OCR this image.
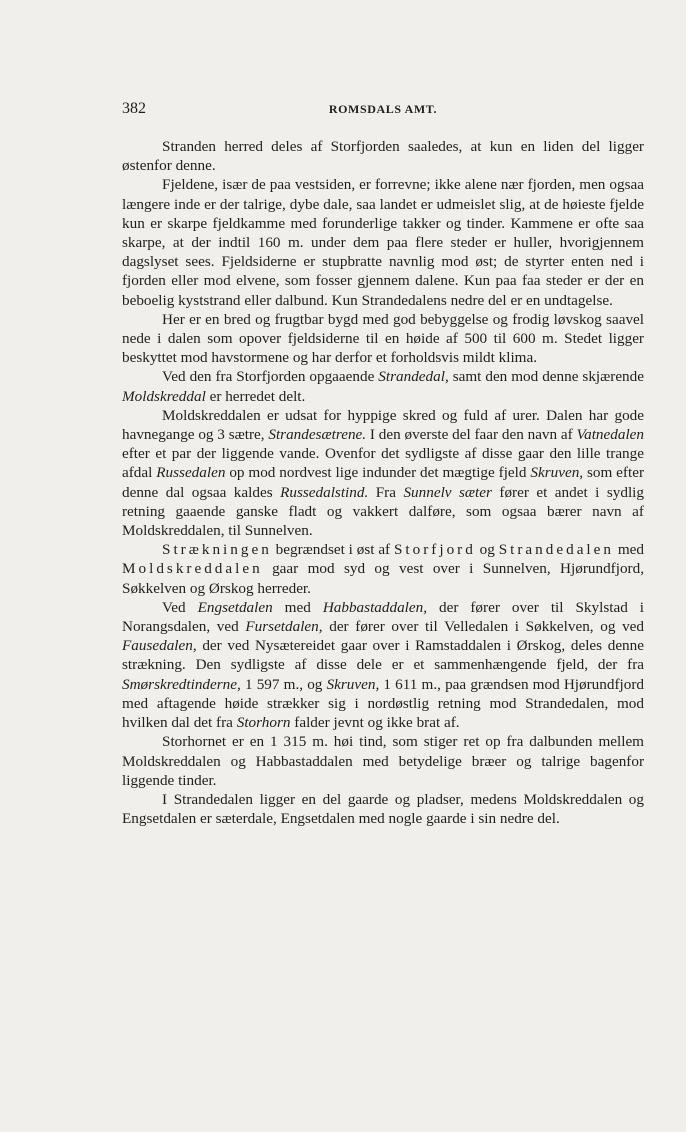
382	ROMSDALS AMT.

Stranden herred deles af Storfjorden saaledes, at kun en liden del ligger østenfor denne.

Fjeldene, især de paa vestsiden, er forrevne; ikke alene nær fjorden, men ogsaa længere inde er der talrige, dybe dale, saa landet er udmeislet slig, at de høieste fjelde kun er skarpe fjeldkamme med forunderlige takker og tinder. Kammene er ofte saa skarpe, at der indtil 160 m. under dem paa flere steder er huller, hvorigjennem dagslyset sees. Fjeldsiderne er stupbratte navnlig mod øst; de styrter enten ned i fjorden eller mod elvene, som fosser gjennem dalene. Kun paa faa steder er der en beboelig kyststrand eller dalbund. Kun Strandedalens nedre del er en undtagelse.

Her er en bred og frugtbar bygd med god bebyggelse og frodig løvskog saavel nede i dalen som opover fjeldsiderne til en høide af 500 til 600 m. Stedet ligger beskyttet mod havstormene og har derfor et forholdsvis mildt klima.

Ved den fra Storfjorden opgaaende Strandedal, samt den mod denne skjærende Moldskreddal er herredet delt.

Moldskreddalen er udsat for hyppige skred og fuld af urer. Dalen har gode havnegange og 3 sætre, Strandesætrene. I den øverste del faar den navn af Vatnedalen efter et par der liggende vande. Ovenfor det sydligste af disse gaar den lille trange afdal Russedalen op mod nordvest lige indunder det mægtige fjeld Skruven, som efter denne dal ogsaa kaldes Russedalstind. Fra Sunnelv sæter fører et andet i sydlig retning gaaende ganske fladt og vakkert dalføre, som ogsaa bærer navn af Moldskreddalen, til Sunnelven.

Strækningen begrændset i øst af Storfjord og Strandedalen med Moldskreddalen gaar mod syd og vest over i Sunnelven, Hjørundfjord, Søkkelven og Ørskog herreder.

Ved Engsetdalen med Habbastaddalen, der fører over til Skylstad i Norangsdalen, ved Fursetdalen, der fører over til Velledalen i Søkkelven, og ved Fausedalen, der ved Nysætereidet gaar over i Ramstaddalen i Ørskog, deles denne strækning. Den sydligste af disse dele er et sammenhængende fjeld, der fra Smørskredtinderne, 1 597 m., og Skruven, 1 611 m., paa grændsen mod Hjørundfjord med aftagende høide strækker sig i nordøstlig retning mod Strandedalen, mod hvilken dal det fra Storhorn falder jevnt og ikke brat af.

Storhornet er en 1 315 m. høi tind, som stiger ret op fra dalbunden mellem Moldskreddalen og Habbastaddalen med betydelige bræer og talrige bagenfor liggende tinder.

I Strandedalen ligger en del gaarde og pladser, medens Moldskreddalen og Engsetdalen er sæterdale, Engsetdalen med nogle gaarde i sin nedre del.
